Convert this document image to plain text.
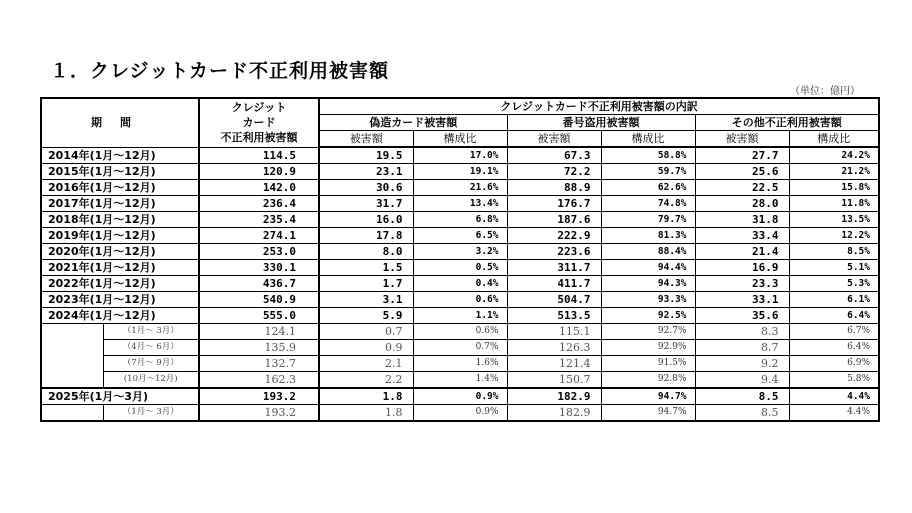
１．クレジットカード不正利用被害額
（単位：億円）
期間		クレジット
カード
不正利用被害額	クレジットカード不正利用被害額の内訳					
			偽造カード被害額		番号盗用被害額		その他不正利用被害額	
			被害額	構成比	被害額	構成比	被害額	構成比
2014年(1月～12月)		114.5	19.5	17.0%	67.3	58.8%	27.7	24.2%
2015年(1月～12月)		120.9	23.1	19.1%	72.2	59.7%	25.6	21.2%
2016年(1月～12月)		142.0	30.6	21.6%	88.9	62.6%	22.5	15.8%
2017年(1月～12月)		236.4	31.7	13.4%	176.7	74.8%	28.0	11.8%
2018年(1月～12月)		235.4	16.0	6.8%	187.6	79.7%	31.8	13.5%
2019年(1月～12月)		274.1	17.8	6.5%	222.9	81.3%	33.4	12.2%
2020年(1月～12月)		253.0	8.0	3.2%	223.6	88.4%	21.4	8.5%
2021年(1月～12月)		330.1	1.5	0.5%	311.7	94.4%	16.9	5.1%
2022年(1月～12月)		436.7	1.7	0.4%	411.7	94.3%	23.3	5.3%
2023年(1月～12月)		540.9	3.1	0.6%	504.7	93.3%	33.1	6.1%
2024年(1月～12月)		555.0	5.9	1.1%	513.5	92.5%	35.6	6.4%
	（1月～ 3月）	124.1	0.7	0.6%	115.1	92.7%	8.3	6.7%
	（4月～ 6月）	135.9	0.9	0.7%	126.3	92.9%	8.7	6.4%
	（7月～ 9月）	132.7	2.1	1.6%	121.4	91.5%	9.2	6.9%
	(10月～12月)	162.3	2.2	1.4%	150.7	92.8%	9.4	5.8%
2025年(1月～3月)		193.2	1.8	0.9%	182.9	94.7%	8.5	4.4%
	（1月～ 3月）	193.2	1.8	0.9%	182.9	94.7%	8.5	4.4%
